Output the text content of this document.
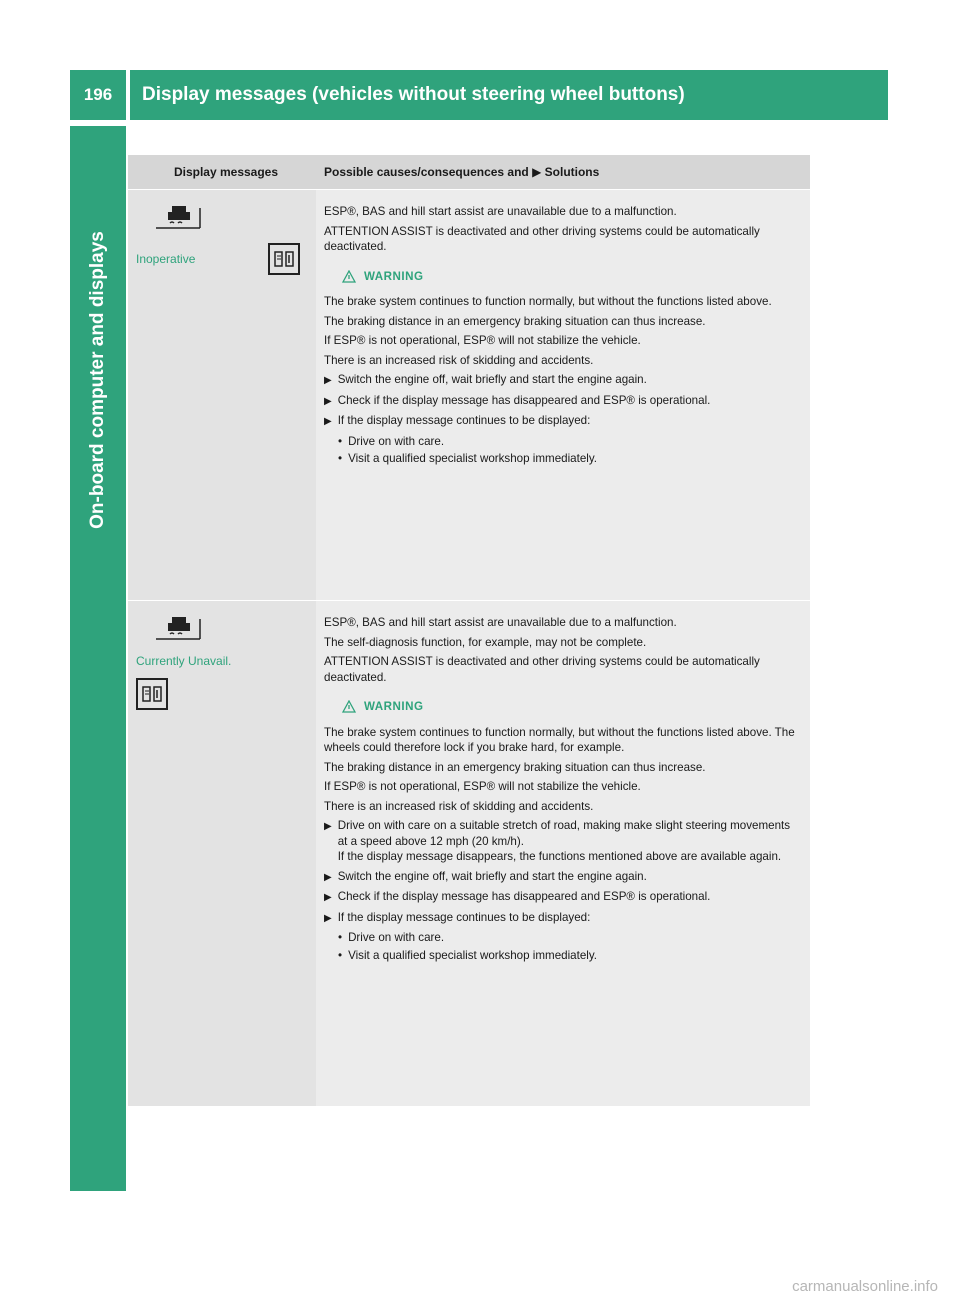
196	Display messages (vehicles without steering wheel buttons)
On-board computer and displays
Display messages	Possible causes/consequences and ▶ Solutions
Inoperative

ESP®, BAS and hill start assist are unavailable due to a malfunction.

ATTENTION ASSIST is deactivated and other driving systems could be automatically deactivated.

WARNING

The brake system continues to function normally, but without the functions listed above.

The braking distance in an emergency braking situation can thus increase.

If ESP® is not operational, ESP® will not stabilize the vehicle.

There is an increased risk of skidding and accidents.

▶ Switch the engine off, wait briefly and start the engine again.
▶ Check if the display message has disappeared and ESP® is operational.
▶ If the display message continues to be displayed:
• Drive on with care.
• Visit a qualified specialist workshop immediately.
Currently Unavail.

ESP®, BAS and hill start assist are unavailable due to a malfunction.

The self-diagnosis function, for example, may not be complete.

ATTENTION ASSIST is deactivated and other driving systems could be automatically deactivated.

WARNING

The brake system continues to function normally, but without the functions listed above. The wheels could therefore lock if you brake hard, for example.

The braking distance in an emergency braking situation can thus increase.

If ESP® is not operational, ESP® will not stabilize the vehicle.

There is an increased risk of skidding and accidents.

▶ Drive on with care on a suitable stretch of road, making make slight steering movements at a speed above 12 mph (20 km/h).
If the display message disappears, the functions mentioned above are available again.
▶ Switch the engine off, wait briefly and start the engine again.
▶ Check if the display message has disappeared and ESP® is operational.
▶ If the display message continues to be displayed:
• Drive on with care.
• Visit a qualified specialist workshop immediately.
carmanualsonline.info
